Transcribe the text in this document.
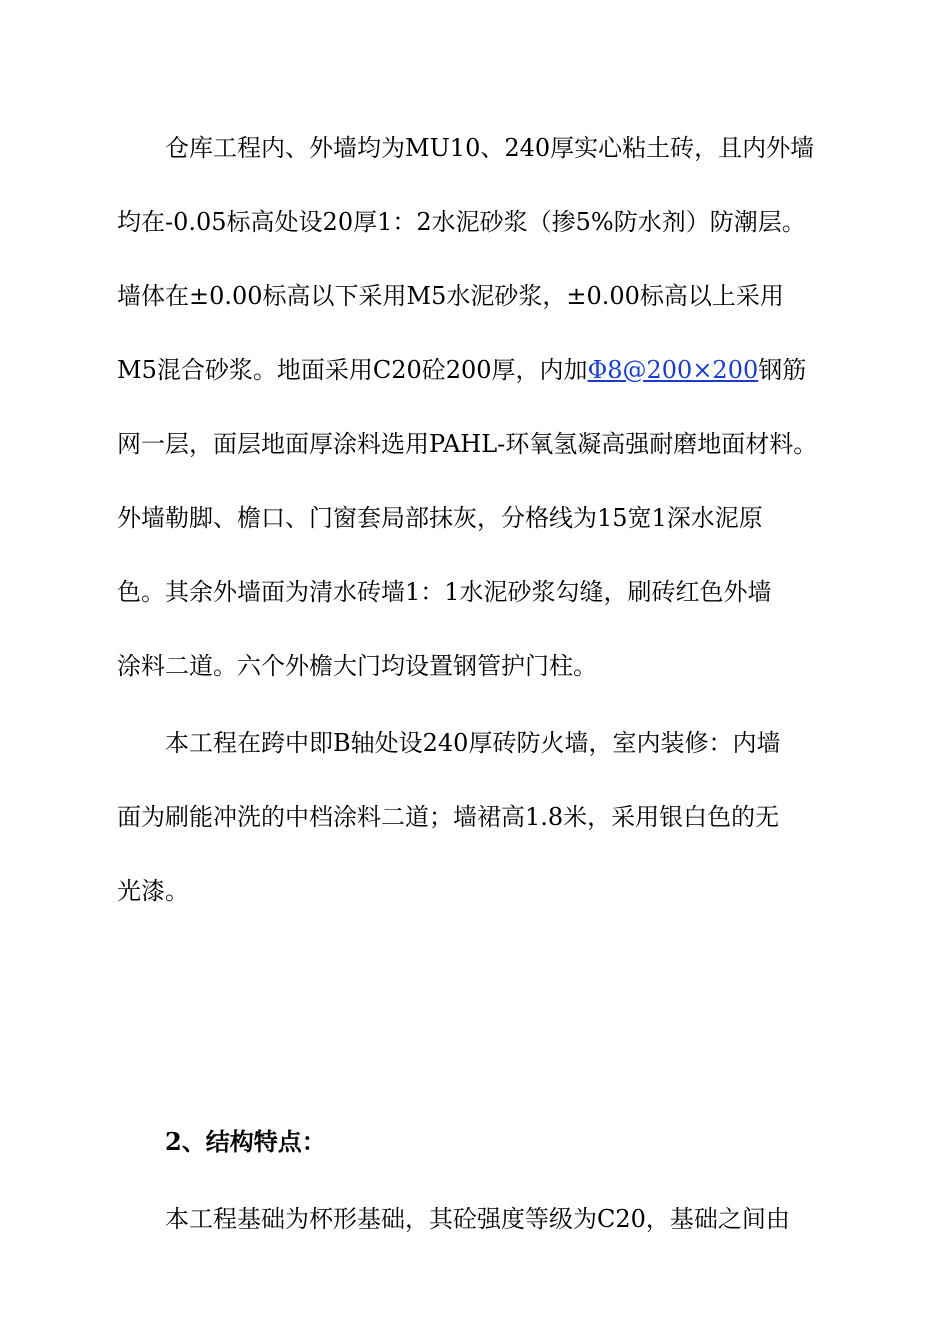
仓库工程内、外墙均为MU10、240厚实心粘土砖，且内外墙
均在-0.05标高处设20厚1：2水泥砂浆（掺5%防水剂）防潮层。
墙体在±0.00标高以下采用M5水泥砂浆，±0.00标高以上采用
M5混合砂浆。地面采用C20砼200厚，内加Φ8@200×200钢筋
网一层，面层地面厚涂料选用PAHL-环氧氢凝高强耐磨地面材料。
外墙勒脚、檐口、门窗套局部抹灰，分格线为15宽1深水泥原
色。其余外墙面为清水砖墙1：1水泥砂浆勾缝，刷砖红色外墙
涂料二道。六个外檐大门均设置钢管护门柱。
本工程在跨中即B轴处设240厚砖防火墙，室内装修：内墙
面为刷能冲洗的中档涂料二道；墙裙高1.8米，采用银白色的无
光漆。
2、结构特点：
本工程基础为杯形基础，其砼强度等级为C20，基础之间由
